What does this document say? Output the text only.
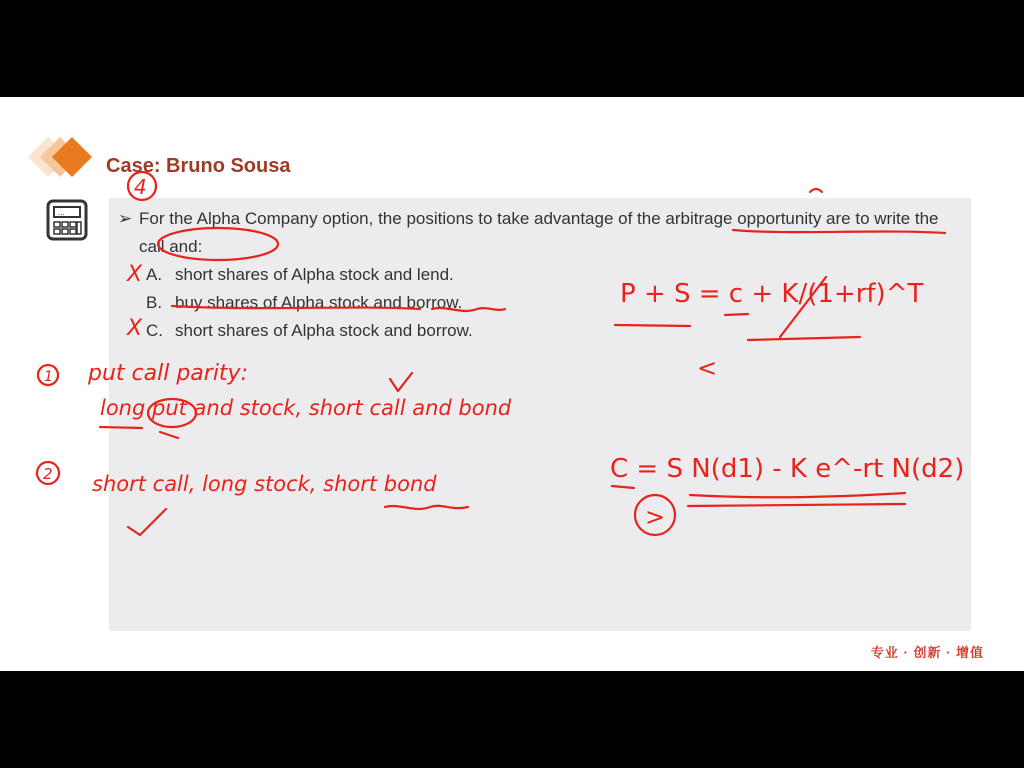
Case: Bruno Sousa
...	➢ For the Alpha Company option, the positions to take advantage of the arbitrage opportunity are to write the call and:
A. short shares of Alpha stock and lend.
B. buy shares of Alpha stock and borrow.
C. short shares of Alpha stock and borrow.
专业 · 创新 · 增值
4
X
X
P + S = c + K/(1+rf)^T
<
1 put call parity:
long put and stock, short call and bond
2 short call, long stock, short bond	C = S N(d1) - K e^-rt N(d2)
>
